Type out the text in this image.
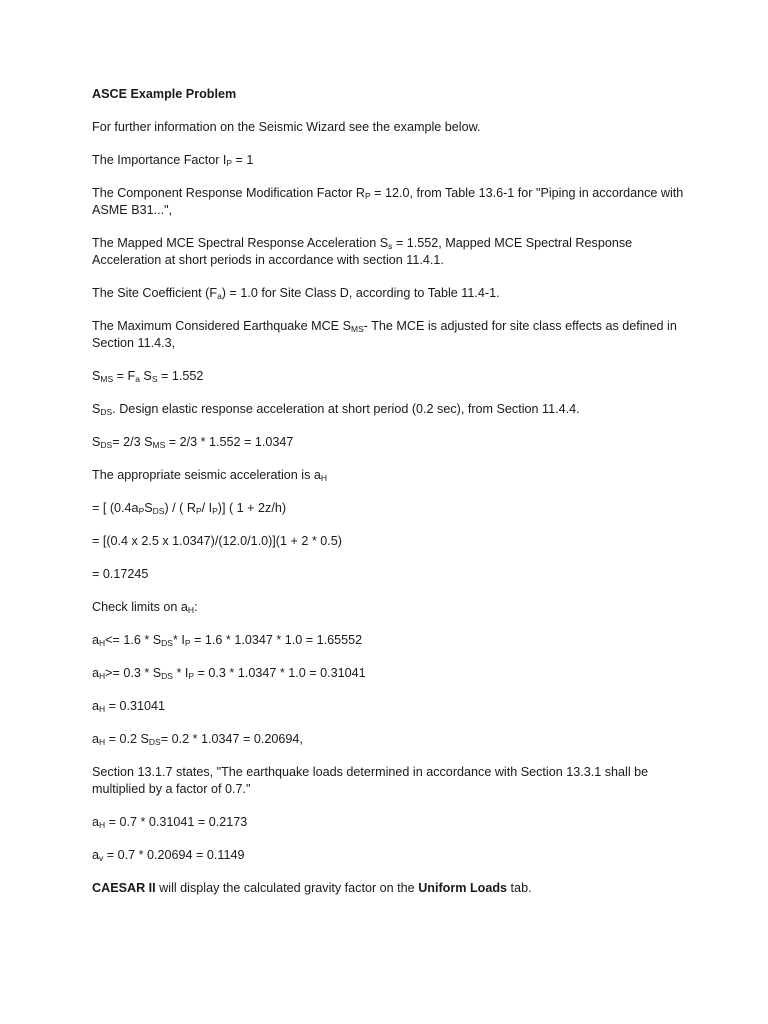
ASCE Example Problem

For further information on the Seismic Wizard see the example below.

The Importance Factor $I_P = 1$

The Component Response Modification Factor $R_P = 12.0$, from Table 13.6-1 for "Piping in accordance with ASME B31...",

The Mapped MCE Spectral Response Acceleration $S_s = 1.552$, Mapped MCE Spectral Response Acceleration at short periods in accordance with section 11.4.1.

The Site Coefficient $(F_a) = 1.0$ for Site Class D, according to Table 11.4-1.

The Maximum Considered Earthquake MCE $S_{MS}-$ The MCE is adjusted for site class effects as defined in Section 11.4.3,

$S_{MS} = F_a$ $S_S = 1.552$

$S_{DS}$. Design elastic response acceleration at short period (0.2 sec), from Section 11.4.4.

$S_{DS}= 2/3$ $S_{MS} = 2/3 * 1.552 = 1.0347$

The appropriate seismic acceleration is $a_H$

= [ $(0.4a_PS_{DS})$ / ( $R_P/$ $I_P$)] ( 1 + 2z/h)

= [(0.4 x 2.5 x 1.0347)/(12.0/1.0)](1 + 2 * 0.5)

= 0.17245

Check limits on $a_H$:

$a_H<= 1.6 * S_{DS}*$ $I_P = 1.6 * 1.0347 * 1.0 = 1.65552$

$a_H>= 0.3 * S_{DS} * I_P = 0.3 * 1.0347 * 1.0 = 0.31041$

$a_H = 0.31041$

$a_H = 0.2$ $S_{DS}= 0.2 * 1.0347 = 0.20694$,

Section 13.1.7 states, "The earthquake loads determined in accordance with Section 13.3.1 shall be multiplied by a factor of 0.7."

$a_H = 0.7 * 0.31041 = 0.2173$

$a_v = 0.7 * 0.20694 = 0.1149$

CAESAR II will display the calculated gravity factor on the Uniform Loads tab.
